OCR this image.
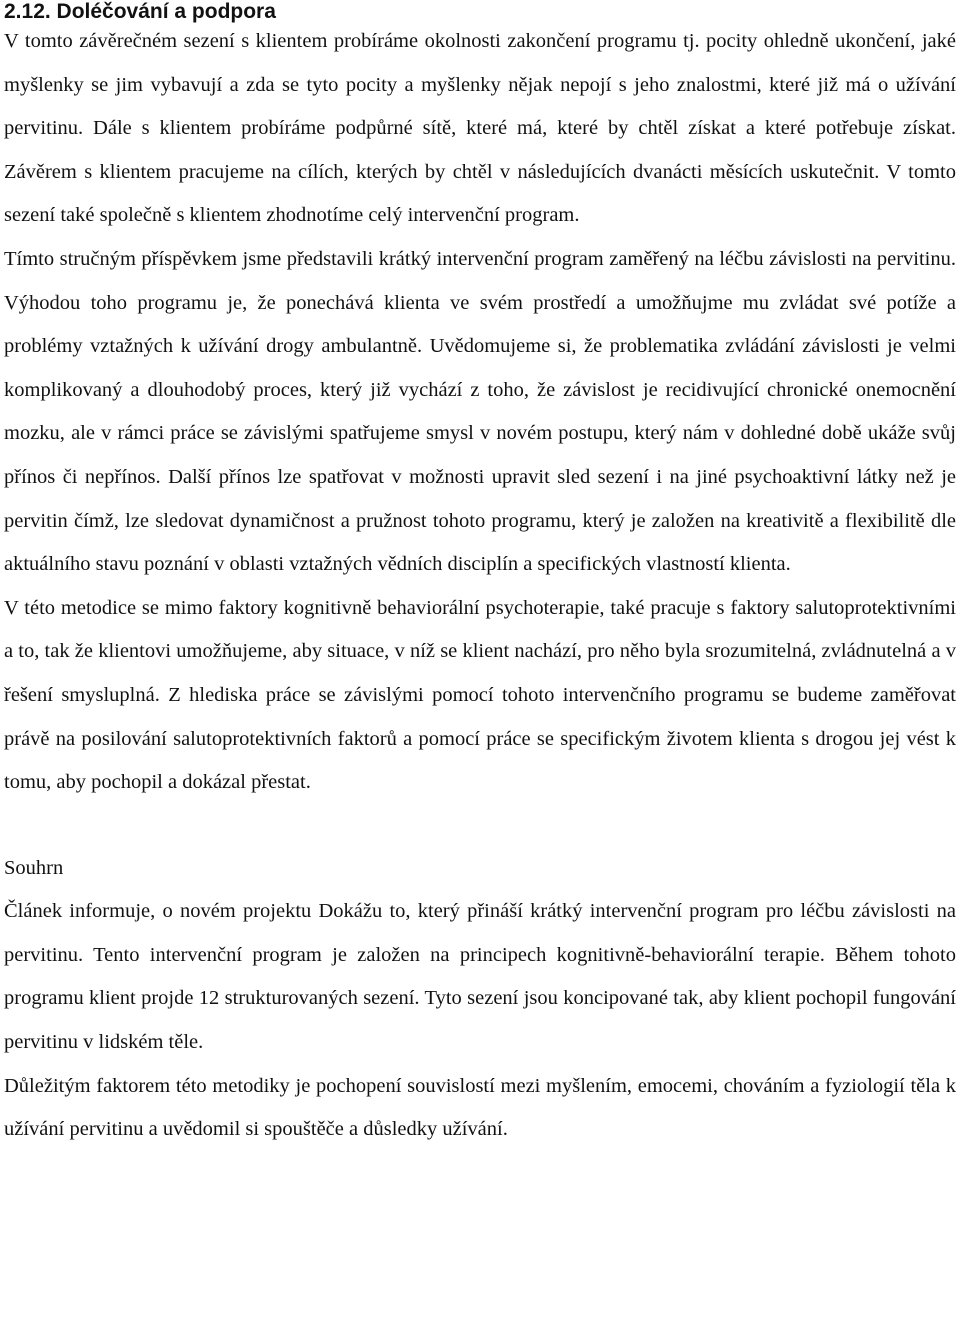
2.12. Doléčování a podpora

V tomto závěrečném sezení s klientem probíráme okolnosti zakončení programu tj. pocity ohledně ukončení, jaké myšlenky se jim vybavují a zda se tyto pocity a myšlenky nějak nepojí s jeho znalostmi, které již má o užívání pervitinu. Dále s klientem probíráme podpůrné sítě, které má, které by chtěl získat a které potřebuje získat. Závěrem s klientem pracujeme na cílích, kterých by chtěl v následujících dvanácti měsících uskutečnit. V tomto sezení také společně s klientem zhodnotíme celý intervenční program.

Tímto stručným příspěvkem jsme představili krátký intervenční program zaměřený na léčbu závislosti na pervitinu. Výhodou toho programu je, že ponechává klienta ve svém prostředí a umožňujme mu zvládat své potíže a problémy vztažných k užívání drogy ambulantně. Uvědomujeme si, že problematika zvládání závislosti je velmi komplikovaný a dlouhodobý proces, který již vychází z toho, že závislost je recidivující chronické onemocnění mozku, ale v rámci práce se závislými spatřujeme smysl v novém postupu, který nám v dohledné době ukáže svůj přínos či nepřínos. Další přínos lze spatřovat v možnosti upravit sled sezení i na jiné psychoaktivní látky než je pervitin čímž, lze sledovat dynamičnost a pružnost tohoto programu, který je založen na kreativitě a flexibilitě dle aktuálního stavu poznání v oblasti vztažných vědních disciplín a specifických vlastností klienta.

V této metodice se mimo faktory kognitivně behaviorální psychoterapie, také pracuje s faktory salutoprotektivními a to, tak že klientovi umožňujeme, aby situace, v níž se klient nachází, pro něho byla srozumitelná, zvládnutelná a v řešení smysluplná. Z hlediska práce se závislými pomocí tohoto intervenčního programu se budeme zaměřovat právě na posilování salutoprotektivních faktorů a pomocí práce se specifickým životem klienta s drogou jej vést k tomu, aby pochopil a dokázal přestat.

Souhrn

Článek informuje, o novém projektu Dokážu to, který přináší krátký intervenční program pro léčbu závislosti na pervitinu. Tento intervenční program je založen na principech kognitivně-behaviorální terapie. Během tohoto programu klient projde 12 strukturovaných sezení. Tyto sezení jsou koncipované tak, aby klient pochopil fungování pervitinu v lidském těle.

Důležitým faktorem této metodiky je pochopení souvislostí mezi myšlením, emocemi, chováním a fyziologií těla k užívání pervitinu a uvědomil si spouštěče a důsledky užívání.
